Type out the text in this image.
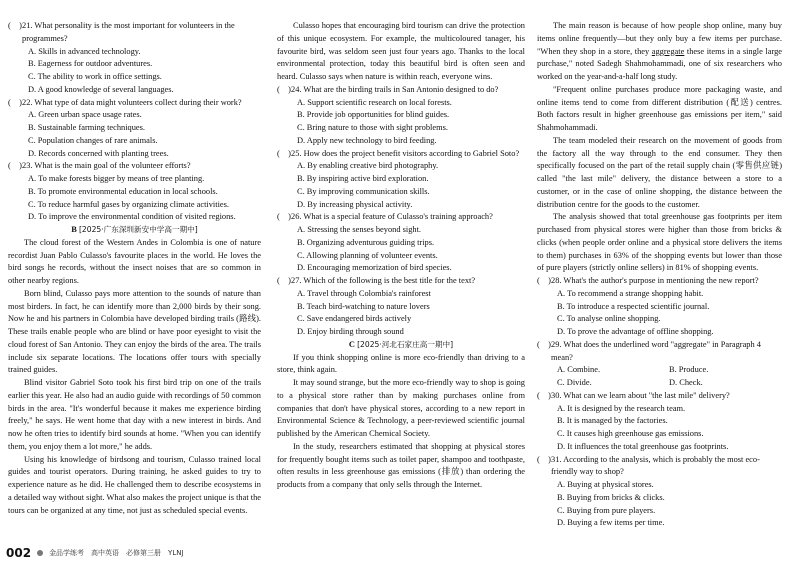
(　) 21. What personality is the most important for volunteers in the programmes?
A. Skills in advanced technology.
B. Eagerness for outdoor adventures.
C. The ability to work in office settings.
D. A good knowledge of several languages.
(　) 22. What type of data might volunteers collect during their work?
A. Green urban space usage rates.
B. Sustainable farming techniques.
C. Population changes of rare animals.
D. Records concerned with planting trees.
(　) 23. What is the main goal of the volunteer efforts?
A. To make forests bigger by means of tree planting.
B. To promote environmental education in local schools.
C. To reduce harmful gases by organizing climate activities.
D. To improve the environmental condition of visited regions.
B [2025·广东深圳新安中学高一期中]
The cloud forest of the Western Andes in Colombia is one of nature recordist Juan Pablo Culasso's favourite places in the world. He loves the bird songs he records, without the insect noises that are so common in other nearby regions.
Born blind, Culasso pays more attention to the sounds of nature than most birders. In fact, he can identify more than 2,000 birds by their song. Now he and his partners in Colombia have developed birding trails (路线). These trails enable people who are blind or have poor eyesight to visit the cloud forest of San Antonio. They can enjoy the birds of the area. The trails include six separate locations. The locations offer tours with specially trained guides.
Blind visitor Gabriel Soto took his first bird trip on one of the trails earlier this year. He also had an audio guide with recordings of 50 common birds in the area. "It's wonderful because it makes me experience birding freely," he says. He went home that day with a new interest in birds. And now he often tries to identify bird sounds at home. "When you can identify them, you enjoy them a lot more," he adds.
Using his knowledge of birdsong and tourism, Culasso trained local guides and tourist operators. During training, he asked guides to try to experience nature as he did. He challenged them to describe ecosystems in a detailed way without sight. What also makes the project unique is that the tours can be organized at any time, not just as scheduled special events.
Culasso hopes that encouraging bird tourism can drive the protection of this unique ecosystem. For example, the multicoloured tanager, his favourite bird, was seldom seen just four years ago. Thanks to the local environmental protection, today this beautiful bird is often seen and heard. Culasso says when nature is within reach, everyone wins.
(　) 24. What are the birding trails in San Antonio designed to do?
A. Support scientific research on local forests.
B. Provide job opportunities for blind guides.
C. Bring nature to those with sight problems.
D. Apply new technology to bird feeding.
(　) 25. How does the project benefit visitors according to Gabriel Soto?
A. By enabling creative bird photography.
B. By inspiring active bird exploration.
C. By improving communication skills.
D. By increasing physical activity.
(　) 26. What is a special feature of Culasso's training approach?
A. Stressing the senses beyond sight.
B. Organizing adventurous guiding trips.
C. Allowing planning of volunteer events.
D. Encouraging memorization of bird species.
(　) 27. Which of the following is the best title for the text?
A. Travel through Colombia's rainforest
B. Teach bird-watching to nature lovers
C. Save endangered birds actively
D. Enjoy birding through sound
C [2025·河北石家庄高一期中]
If you think shopping online is more eco-friendly than driving to a store, think again.
It may sound strange, but the more eco-friendly way to shop is going to a physical store rather than by making purchases online from companies that don't have physical stores, according to a new report in Environmental Science & Technology, a peer-reviewed scientific journal published by the American Chemical Society.
In the study, researchers estimated that shopping at physical stores for frequently bought items such as toilet paper, shampoo and toothpaste, often results in less greenhouse gas emissions (排放) than ordering the products from a company that only sells through the Internet.
The main reason is because of how people shop online, many buy items online frequently—but they only buy a few items per purchase. "When they shop in a store, they aggregate these items in a single large purchase," noted Sadegh Shahmohammadi, one of six researchers who worked on the year-and-a-half long study.
"Frequent online purchases produce more packaging waste, and online items tend to come from different distribution (配送) centres. Both factors result in higher greenhouse gas emissions per item," said Shahmohammadi.
The team modeled their research on the movement of goods from the factory all the way through to the end consumer. They then specifically focused on the part of the retail supply chain (零售供应链) called "the last mile" delivery, the distance between a store to a customer, or in the case of online shopping, the distance between the distribution centre for the goods to the customer.
The analysis showed that total greenhouse gas footprints per item purchased from physical stores were higher than those from bricks & clicks (when people order online and a physical store delivers the items to them) purchases in 63% of the shopping events but lower than those of pure players (strictly online sellers) in 81% of shopping events.
(　) 28. What's the author's purpose in mentioning the new report?
A. To recommend a strange shopping habit.
B. To introduce a respected scientific journal.
C. To analyse online shopping.
D. To prove the advantage of offline shopping.
(　) 29. What does the underlined word "aggregate" in Paragraph 4 mean?
A. Combine.	B. Produce.
C. Divide.	D. Check.
(　) 30. What can we learn about "the last mile" delivery?
A. It is designed by the research team.
B. It is managed by the factories.
C. It causes high greenhouse gas emissions.
D. It influences the total greenhouse gas footprints.
(　) 31. According to the analysis, which is probably the most eco-friendly way to shop?
A. Buying at physical stores.
B. Buying from bricks & clicks.
C. Buying from pure players.
D. Buying a few items per time.
002	金品学练考　高中英语　必修第三册　YLNJ
